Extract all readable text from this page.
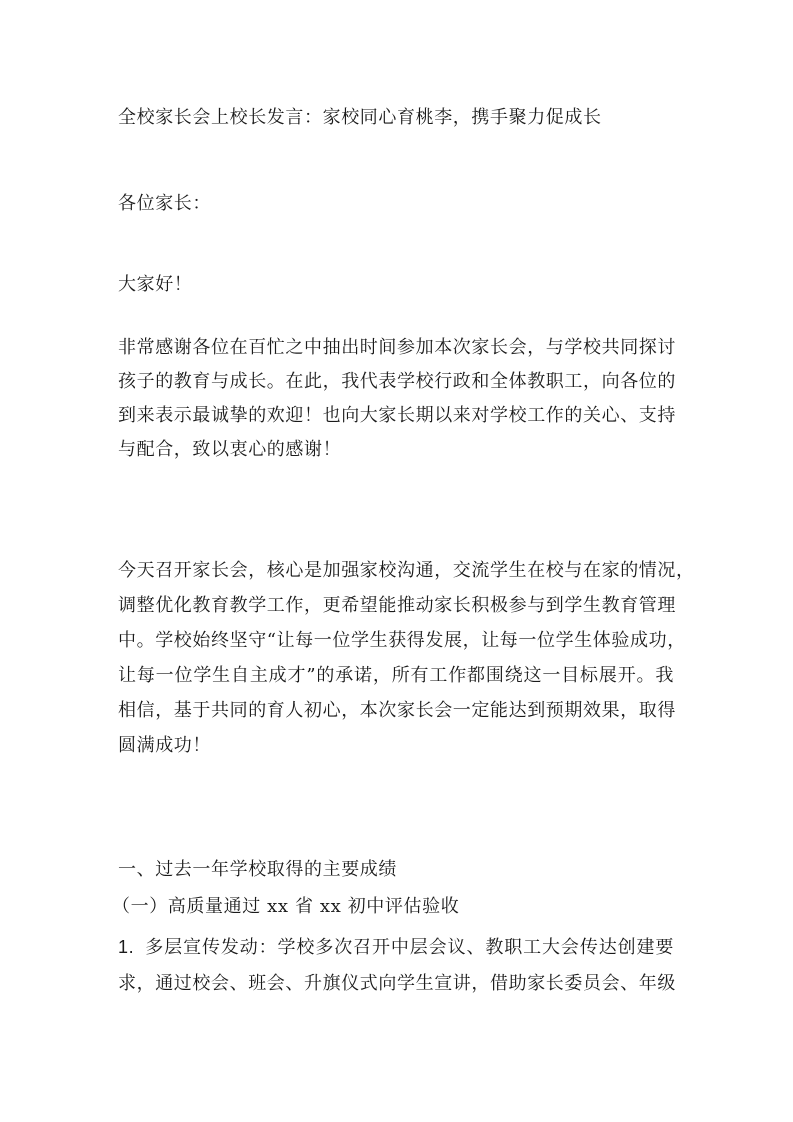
全校家长会上校长发言：家校同心育桃李，携手聚力促成长
各位家长：
大家好！
非常感谢各位在百忙之中抽出时间参加本次家长会，与学校共同探讨
孩子的教育与成长。在此，我代表学校行政和全体教职工，向各位的
到来表示最诚挚的欢迎！也向大家长期以来对学校工作的关心、支持
与配合，致以衷心的感谢！
今天召开家长会，核心是加强家校沟通，交流学生在校与在家的情况，
调整优化教育教学工作，更希望能推动家长积极参与到学生教育管理
中。学校始终坚守“让每一位学生获得发展，让每一位学生体验成功，
让每一位学生自主成才”的承诺，所有工作都围绕这一目标展开。我
相信，基于共同的育人初心，本次家长会一定能达到预期效果，取得
圆满成功！
一、过去一年学校取得的主要成绩
（一）高质量通过 xx 省 xx 初中评估验收
1. 多层宣传发动：学校多次召开中层会议、教职工大会传达创建要
求，通过校会、班会、升旗仪式向学生宣讲，借助家长委员会、年级
